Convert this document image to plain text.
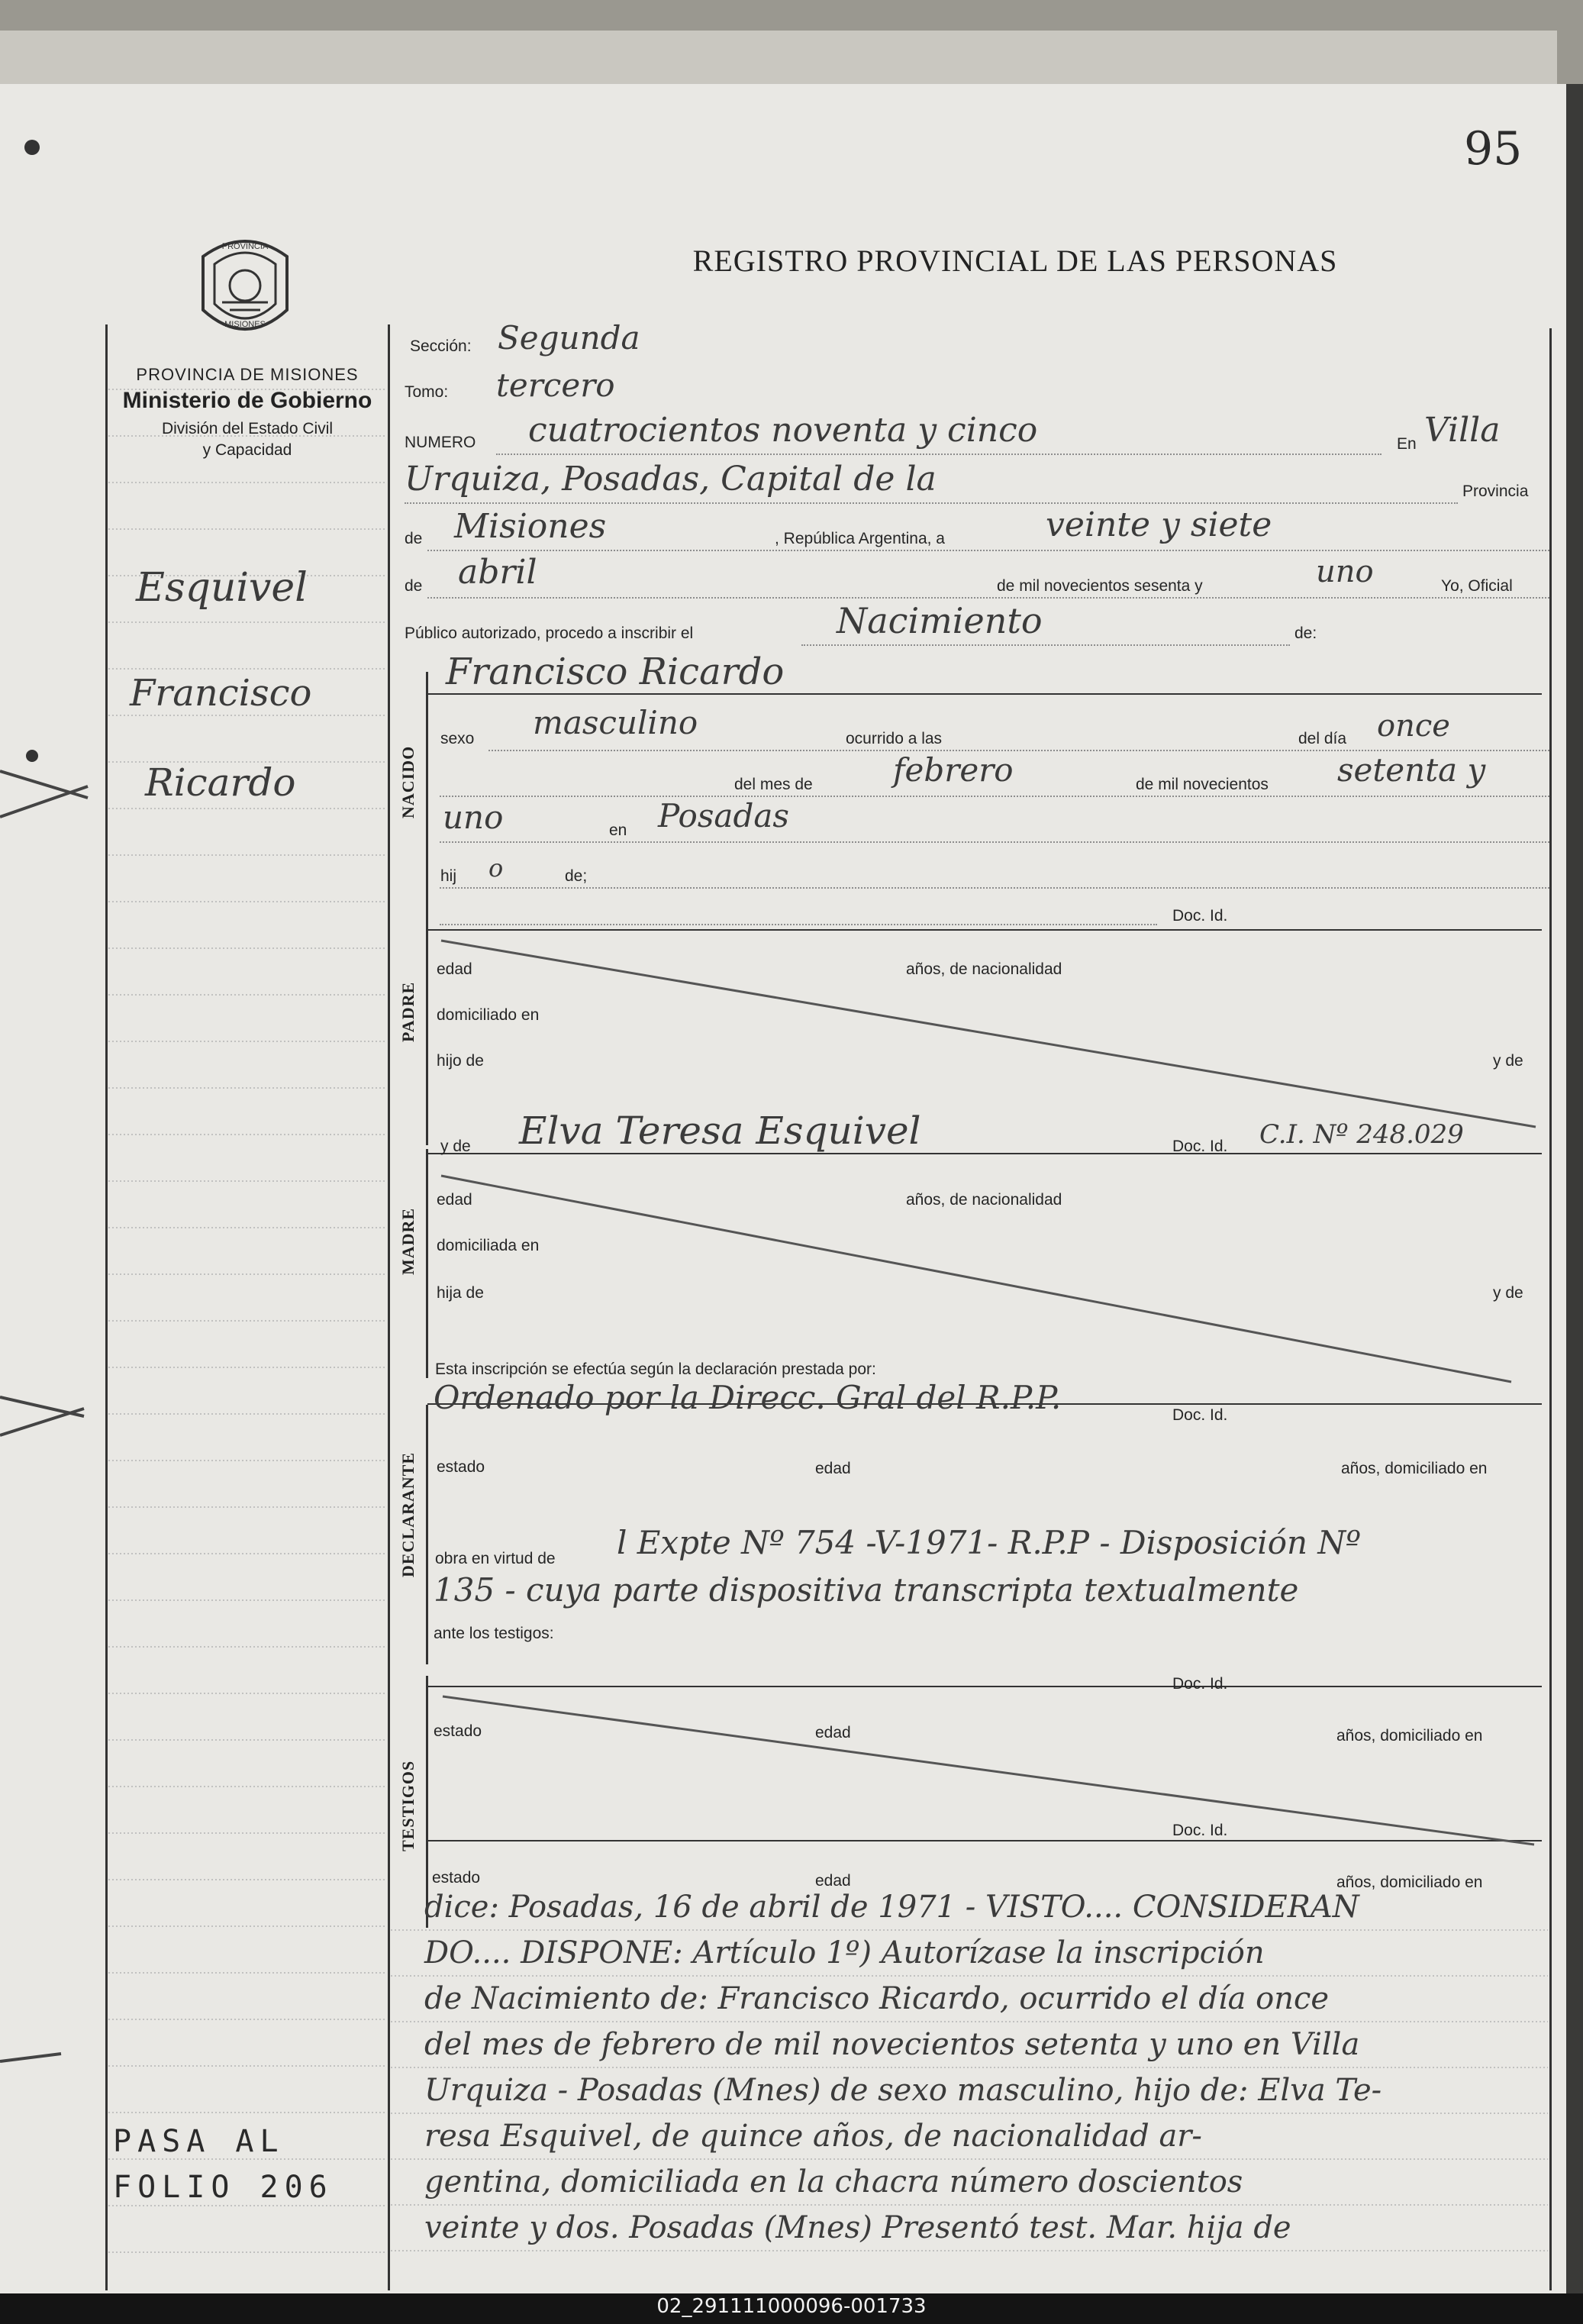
95
REGISTRO PROVINCIAL DE LAS PERSONAS
PROVINCIA
MISIONES
PROVINCIA DE MISIONES
Ministerio de Gobierno
División del Estado Civil
y Capacidad
Esquivel
Francisco
Ricardo
PASA AL
FOLIO 206
Sección: Segunda
Tomo: tercero
NUMERO cuatrocientos noventa y cinco	En Villa
Urquiza, Posadas, Capital de la	Provincia
de Misiones	, República Argentina, a	veinte y siete
de abril	de mil novecientos sesenta y	uno	Yo, Oficial
Público autorizado, procedo a inscribir el	Nacimiento	de:
Francisco Ricardo
NACIDO
sexo masculino	ocurrido a las	del día once
del mes de	febrero	de mil novecientos setenta y
uno	en Posadas
hij o	de;
Doc. Id.
PADRE
edad	años, de nacionalidad
domiciliado en
hijo de	y de
y de Elva Teresa Esquivel	Doc. Id. C.I. Nº 248.029
MADRE
edad	años, de nacionalidad
domiciliada en
hija de	y de
Esta inscripción se efectúa según la declaración prestada por:
Ordenado por la Direcc. Gral del R.P.P.	Doc. Id.
DECLARANTE estado	edad	años, domiciliado en
obra en virtud de l Expte Nº 754 -V-1971- R.P.P - Disposición Nº
135 - cuya parte dispositiva transcripta textualmente
ante los testigos:
TESTIGOS
Doc. Id.
estado	edad	años, domiciliado en
Doc. Id.
estado	edad	años, domiciliado en
dice: Posadas, 16 de abril de 1971 - VISTO.... CONSIDERAN
DO.... DISPONE: Artículo 1º) Autorízase la inscripción
de Nacimiento de: Francisco Ricardo, ocurrido el día once
del mes de febrero de mil novecientos setenta y uno en Villa
Urquiza - Posadas (Mnes) de sexo masculino, hijo de: Elva Te-
resa Esquivel, de quince años, de nacionalidad ar-
gentina, domiciliada en la chacra número doscientos
veinte y dos. Posadas (Mnes) Presentó test. Mar. hija de
02_291111000096-001733
